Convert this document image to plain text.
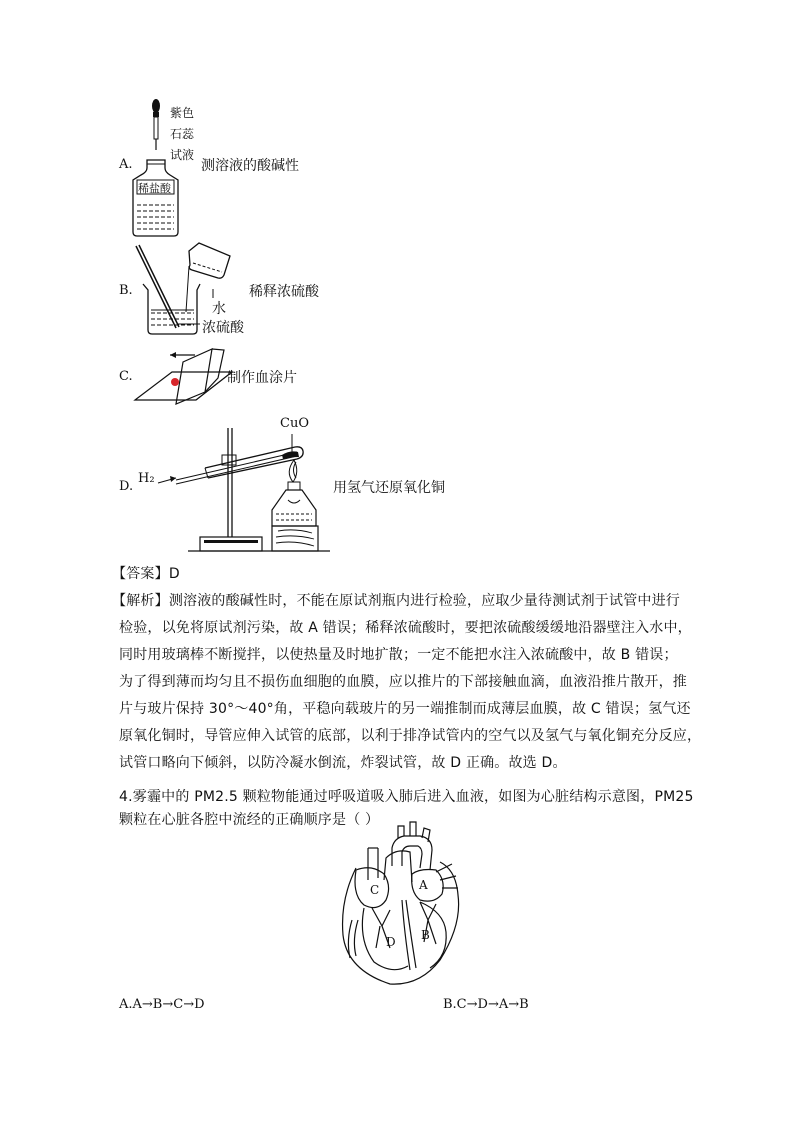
紫色
石蕊
试液
稀盐酸
A.	测溶液的酸碱性
水
浓硫酸
B.	稀释浓硫酸
C.	制作血涂片
H₂
CuO
D.	用氢气还原氧化铜
【答案】D
【解析】测溶液的酸碱性时，不能在原试剂瓶内进行检验，应取少量待测试剂于试管中进行
检验，以免将原试剂污染，故 A 错误；稀释浓硫酸时，要把浓硫酸缓缓地沿器壁注入水中，
同时用玻璃棒不断搅拌，以使热量及时地扩散；一定不能把水注入浓硫酸中，故 B 错误；
为了得到薄而均匀且不损伤血细胞的血膜，应以推片的下部接触血滴，血液沿推片散开，推
片与玻片保持 30°～40°角，平稳向载玻片的另一端推制而成薄层血膜，故 C 错误；氢气还
原氧化铜时，导管应伸入试管的底部，以利于排净试管内的空气以及氢气与氧化铜充分反应，
试管口略向下倾斜，以防冷凝水倒流，炸裂试管，故 D 正确。故选 D。
4.雾霾中的 PM2.5 颗粒物能通过呼吸道吸入肺后进入血液，如图为心脏结构示意图，PM25
颗粒在心脏各腔中流经的正确顺序是（ ）
C	A
D B
A.A→B→C→D	B.C→D→A→B
